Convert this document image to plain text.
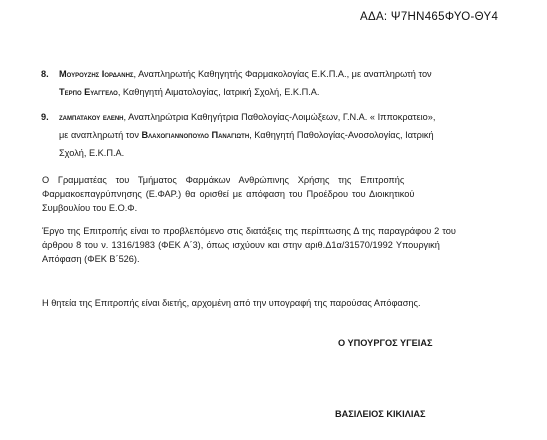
ΑΔΑ: Ψ7ΗΝ465ΦΥΟ-ΘΥ4
8. Μουρουζης Ιορδανης, Αναπληρωτής Καθηγητής Φαρμακολογίας Ε.Κ.Π.Α., με αναπληρωτή τον
Τερπο Ευαγγελο, Καθηγητή Αιματολογίας, Ιατρική Σχολή, Ε.Κ.Π.Α.
9. ζαμπατακου ελενη, Αναπληρώτρια Καθηγήτρια Παθολογίας-Λοιμώξεων, Γ.Ν.Α. « Ιπποκρατειο»,
με αναπληρωτή τον Βλαχογιαννοπουλο Παναγιωτη, Καθηγητή Παθολογίας-Ανοσολογίας, Ιατρική
Σχολή, Ε.Κ.Π.Α.
Ο Γραμματέας του Τμήματος Φαρμάκων Ανθρώπινης Χρήσης της Επιτροπής
Φαρμακοεπαγρύπνησης (Ε.ΦΑΡ.) θα ορισθεί με απόφαση του Προέδρου του Διοικητικού
Συμβουλίου του Ε.Ο.Φ.
Έργο της Επιτροπής είναι το προβλεπόμενο στις διατάξεις της περίπτωσης Δ της παραγράφου 2 του
άρθρου 8 του ν. 1316/1983 (ΦΕΚ Α΄3), όπως ισχύουν και στην αριθ.Δ1α/31570/1992 Υπουργική
Απόφαση (ΦΕΚ Β΄526).
Η θητεία της Επιτροπής είναι διετής, αρχομένη από την υπογραφή της παρούσας Απόφασης.
Ο ΥΠΟΥΡΓΟΣ ΥΓΕΙΑΣ
ΒΑΣΙΛΕΙΟΣ ΚΙΚΙΛΙΑΣ
